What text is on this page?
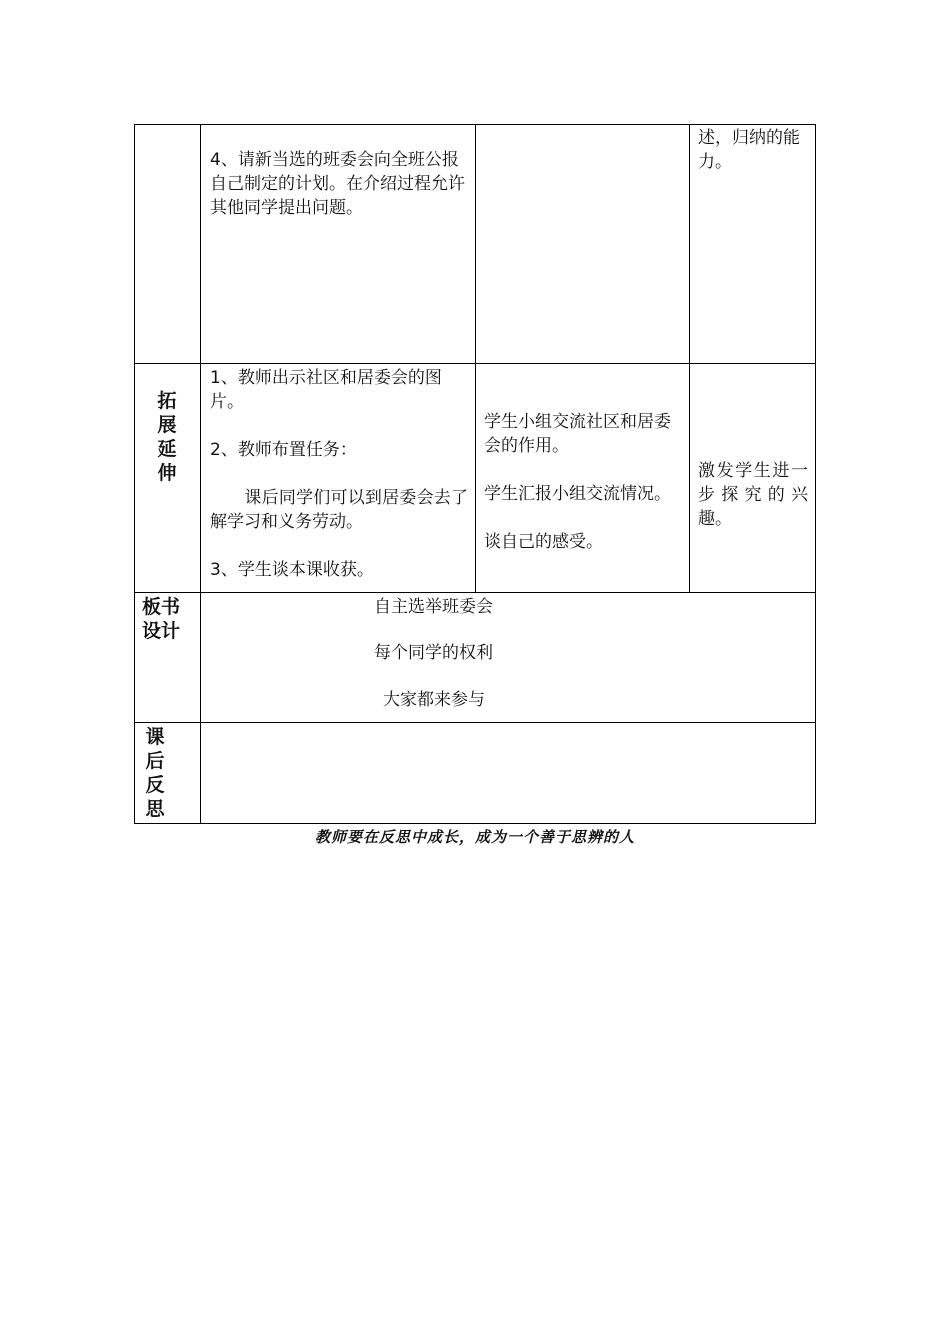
4、请新当选的班委会向全班公报自己制定的计划。在介绍过程允许其他同学提出问题。

述，归纳的能力。

拓展延伸

1、教师出示社区和居委会的图片。

2、教师布置任务：

　　课后同学们可以到居委会去了解学习和义务劳动。

3、学生谈本课收获。

学生小组交流社区和居委会的作用。

学生汇报小组交流情况。

谈自己的感受。

激发学生进一步探究的兴趣。

板书设计

自主选举班委会

每个同学的权利

大家都来参与

课后反思

教师要在反思中成长，成为一个善于思辨的人
